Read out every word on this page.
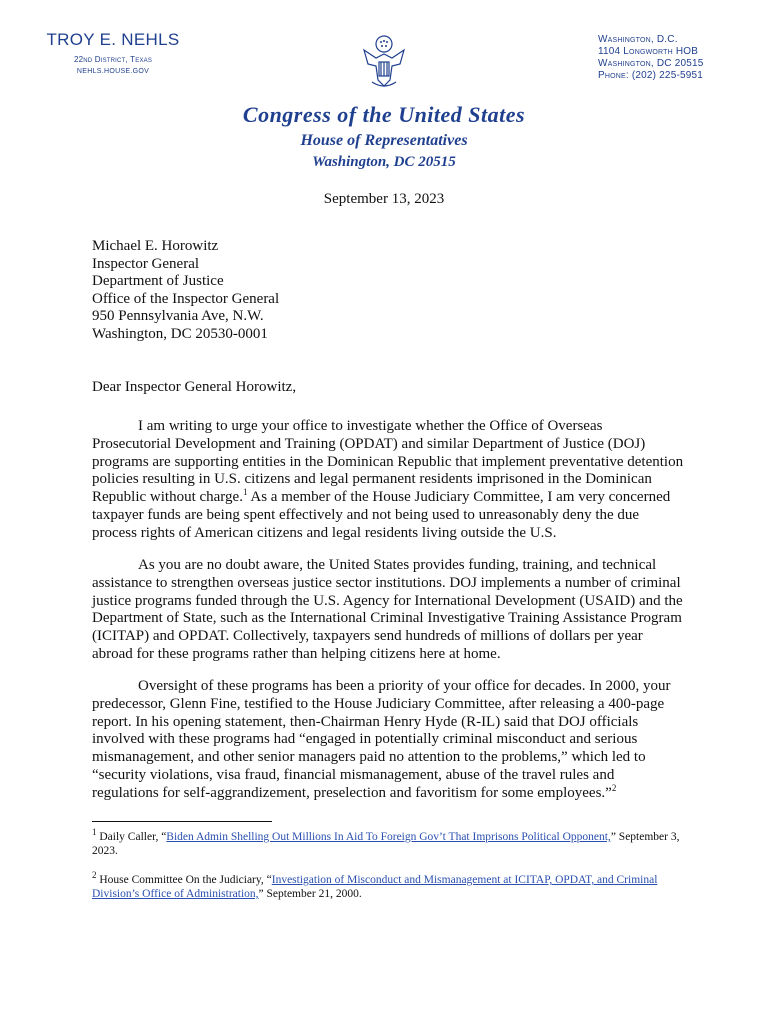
TROY E. NEHLS
22nd District, Texas
NEHLS.HOUSE.GOV
Washington, D.C.
1104 Longworth HOB
Washington, DC 20515
Phone: (202) 225-5951
Congress of the United States
House of Representatives
Washington, DC 20515
September 13, 2023
Michael E. Horowitz
Inspector General
Department of Justice
Office of the Inspector General
950 Pennsylvania Ave, N.W.
Washington, DC 20530-0001
Dear Inspector General Horowitz,
I am writing to urge your office to investigate whether the Office of Overseas Prosecutorial Development and Training (OPDAT) and similar Department of Justice (DOJ) programs are supporting entities in the Dominican Republic that implement preventative detention policies resulting in U.S. citizens and legal permanent residents imprisoned in the Dominican Republic without charge.$^1$ As a member of the House Judiciary Committee, I am very concerned taxpayer funds are being spent effectively and not being used to unreasonably deny the due process rights of American citizens and legal residents living outside the U.S.
As you are no doubt aware, the United States provides funding, training, and technical assistance to strengthen overseas justice sector institutions. DOJ implements a number of criminal justice programs funded through the U.S. Agency for International Development (USAID) and the Department of State, such as the International Criminal Investigative Training Assistance Program (ICITAP) and OPDAT. Collectively, taxpayers send hundreds of millions of dollars per year abroad for these programs rather than helping citizens here at home.
Oversight of these programs has been a priority of your office for decades. In 2000, your predecessor, Glenn Fine, testified to the House Judiciary Committee, after releasing a 400-page report. In his opening statement, then-Chairman Henry Hyde (R-IL) said that DOJ officials involved with these programs had “engaged in potentially criminal misconduct and serious mismanagement, and other senior managers paid no attention to the problems,” which led to “security violations, visa fraud, financial mismanagement, abuse of the travel rules and regulations for self-aggrandizement, preselection and favoritism for some employees.”$^2$
$^1$ Daily Caller, “Biden Admin Shelling Out Millions In Aid To Foreign Gov’t That Imprisons Political Opponent,” September 3, 2023.
$^2$ House Committee On the Judiciary, “Investigation of Misconduct and Mismanagement at ICITAP, OPDAT, and Criminal Division’s Office of Administration,” September 21, 2000.
